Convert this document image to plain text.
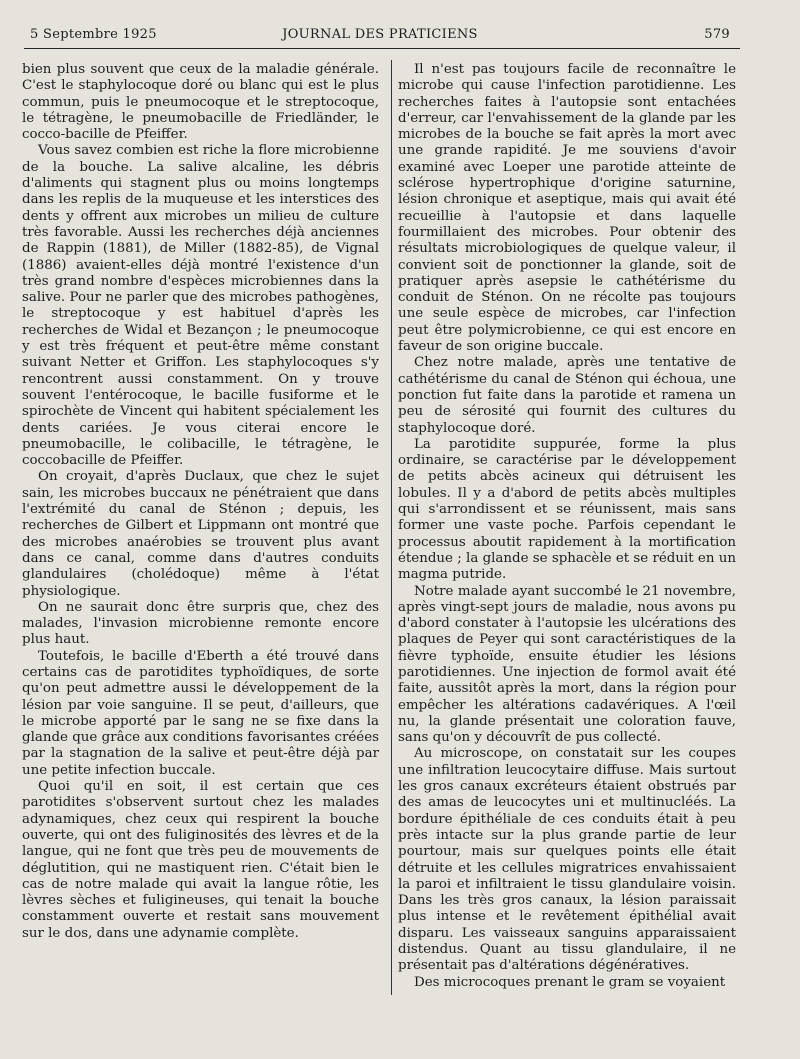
5 Septembre 1925	JOURNAL DES PRATICIENS	579

bien plus souvent que ceux de la maladie générale. C'est le staphylocoque doré ou blanc qui est le plus commun, puis le pneumocoque et le streptocoque, le tétragène, le pneumobacille de Friedländer, le cocco-bacille de Pfeiffer.

Vous savez combien est riche la flore microbienne de la bouche. La salive alcaline, les débris d'aliments qui stagnent plus ou moins longtemps dans les replis de la muqueuse et les interstices des dents y offrent aux microbes un milieu de culture très favorable. Aussi les recherches déjà anciennes de Rappin (1881), de Miller (1882-85), de Vignal (1886) avaient-elles déjà montré l'existence d'un très grand nombre d'espèces microbiennes dans la salive. Pour ne parler que des microbes pathogènes, le streptocoque y est habituel d'après les recherches de Widal et Bezançon ; le pneumocoque y est très fréquent et peut-être même constant suivant Netter et Griffon. Les staphylocoques s'y rencontrent aussi constamment. On y trouve souvent l'entérocoque, le bacille fusiforme et le spirochète de Vincent qui habitent spécialement les dents cariées. Je vous citerai encore le pneumobacille, le colibacille, le tétragène, le coccobacille de Pfeiffer.

On croyait, d'après Duclaux, que chez le sujet sain, les microbes buccaux ne pénétraient que dans l'extrémité du canal de Sténon ; depuis, les recherches de Gilbert et Lippmann ont montré que des microbes anaérobies se trouvent plus avant dans ce canal, comme dans d'autres conduits glandulaires (cholédoque) même à l'état physiologique.

On ne saurait donc être surpris que, chez des malades, l'invasion microbienne remonte encore plus haut.

Toutefois, le bacille d'Eberth a été trouvé dans certains cas de parotidites typhoïdiques, de sorte qu'on peut admettre aussi le développement de la lésion par voie sanguine. Il se peut, d'ailleurs, que le microbe apporté par le sang ne se fixe dans la glande que grâce aux conditions favorisantes créées par la stagnation de la salive et peut-être déjà par une petite infection buccale.

Quoi qu'il en soit, il est certain que ces parotidites s'observent surtout chez les malades adynamiques, chez ceux qui respirent la bouche ouverte, qui ont des fuliginosités des lèvres et de la langue, qui ne font que très peu de mouvements de déglutition, qui ne mastiquent rien. C'était bien le cas de notre malade qui avait la langue rôtie, les lèvres sèches et fuligineuses, qui tenait la bouche constamment ouverte et restait sans mouvement sur le dos, dans une adynamie complète.

Il n'est pas toujours facile de reconnaître le microbe qui cause l'infection parotidienne. Les recherches faites à l'autopsie sont entachées d'erreur, car l'envahissement de la glande par les microbes de la bouche se fait après la mort avec une grande rapidité. Je me souviens d'avoir examiné avec Loeper une parotide atteinte de sclérose hypertrophique d'origine saturnine, lésion chronique et aseptique, mais qui avait été recueillie à l'autopsie et dans laquelle fourmillaient des microbes. Pour obtenir des résultats microbiologiques de quelque valeur, il convient soit de ponctionner la glande, soit de pratiquer après asepsie le cathétérisme du conduit de Sténon. On ne récolte pas toujours une seule espèce de microbes, car l'infection peut être polymicrobienne, ce qui est encore en faveur de son origine buccale.

Chez notre malade, après une tentative de cathétérisme du canal de Sténon qui échoua, une ponction fut faite dans la parotide et ramena un peu de sérosité qui fournit des cultures du staphylocoque doré.

La parotidite suppurée, forme la plus ordinaire, se caractérise par le développement de petits abcès acineux qui détruisent les lobules. Il y a d'abord de petits abcès multiples qui s'arrondissent et se réunissent, mais sans former une vaste poche. Parfois cependant le processus aboutit rapidement à la mortification étendue ; la glande se sphacèle et se réduit en un magma putride.

Notre malade ayant succombé le 21 novembre, après vingt-sept jours de maladie, nous avons pu d'abord constater à l'autopsie les ulcérations des plaques de Peyer qui sont caractéristiques de la fièvre typhoïde, ensuite étudier les lésions parotidiennes. Une injection de formol avait été faite, aussitôt après la mort, dans la région pour empêcher les altérations cadavériques. A l'œil nu, la glande présentait une coloration fauve, sans qu'on y découvrît de pus collecté.

Au microscope, on constatait sur les coupes une infiltration leucocytaire diffuse. Mais surtout les gros canaux excréteurs étaient obstrués par des amas de leucocytes uni et multinucléés. La bordure épithéliale de ces conduits était à peu près intacte sur la plus grande partie de leur pourtour, mais sur quelques points elle était détruite et les cellules migratrices envahissaient la paroi et infiltraient le tissu glandulaire voisin. Dans les très gros canaux, la lésion paraissait plus intense et le revêtement épithélial avait disparu. Les vaisseaux sanguins apparaissaient distendus. Quant au tissu glandulaire, il ne présentait pas d'altérations dégénératives.

Des microcoques prenant le gram se voyaient
